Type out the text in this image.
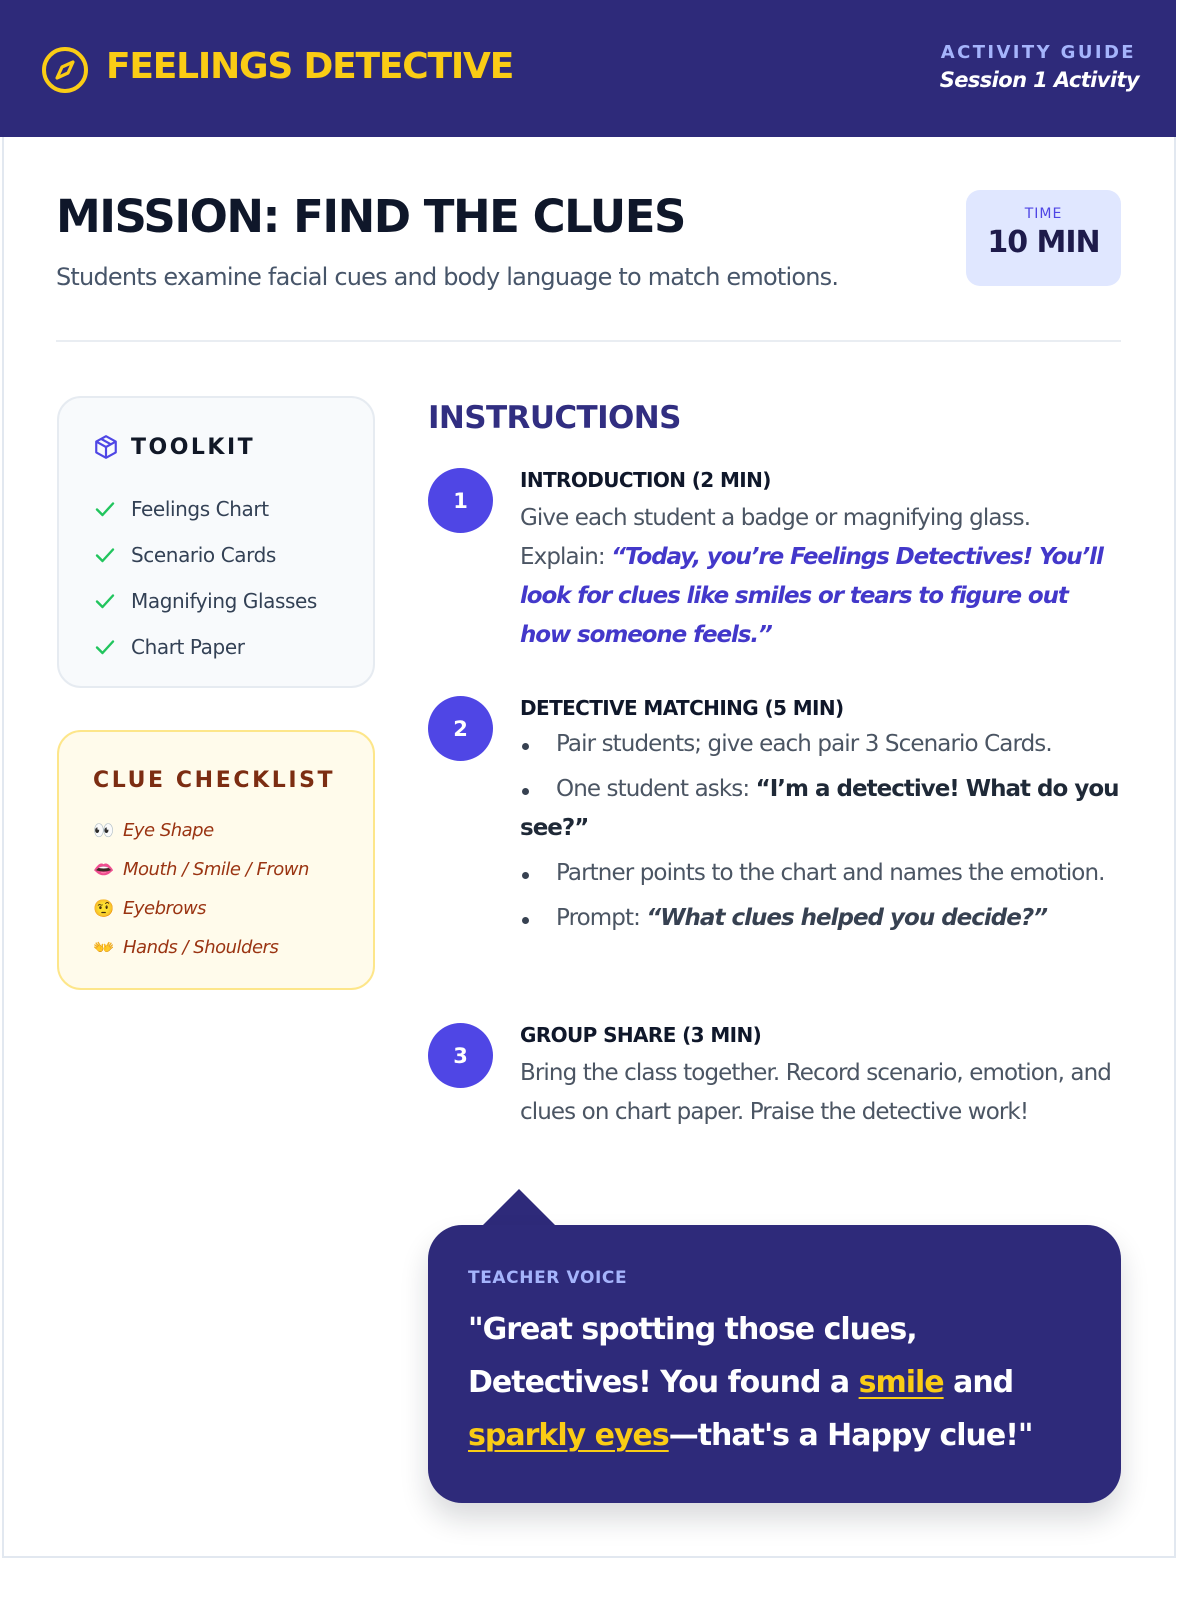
FEELINGS DETECTIVE	ACTIVITY GUIDE
Session 1 Activity
MISSION: FIND THE CLUES

Students examine facial cues and body language to match emotions.

TIME
10 MIN
TOOLKIT
Feelings Chart
Scenario Cards
Magnifying Glasses
Chart Paper
CLUE CHECKLIST
👀 Eye Shape
👄 Mouth / Smile / Frown
🤨 Eyebrows
👐 Hands / Shoulders
INSTRUCTIONS
1
INTRODUCTION (2 MIN)

Give each student a badge or magnifying glass. Explain: “Today, you’re Feelings Detectives! You’ll look for clues like smiles or tears to figure out how someone feels.”

2
DETECTIVE MATCHING (5 MIN)
Pair students; give each pair 3 Scenario Cards.
One student asks: “I’m a detective! What do you see?”
Partner points to the chart and names the emotion.
Prompt: “What clues helped you decide?”
3
GROUP SHARE (3 MIN)

Bring the class together. Record scenario, emotion, and clues on chart paper. Praise the detective work!

TEACHER VOICE

"Great spotting those clues, Detectives! You found a smile and sparkly eyes—that's a Happy clue!"
